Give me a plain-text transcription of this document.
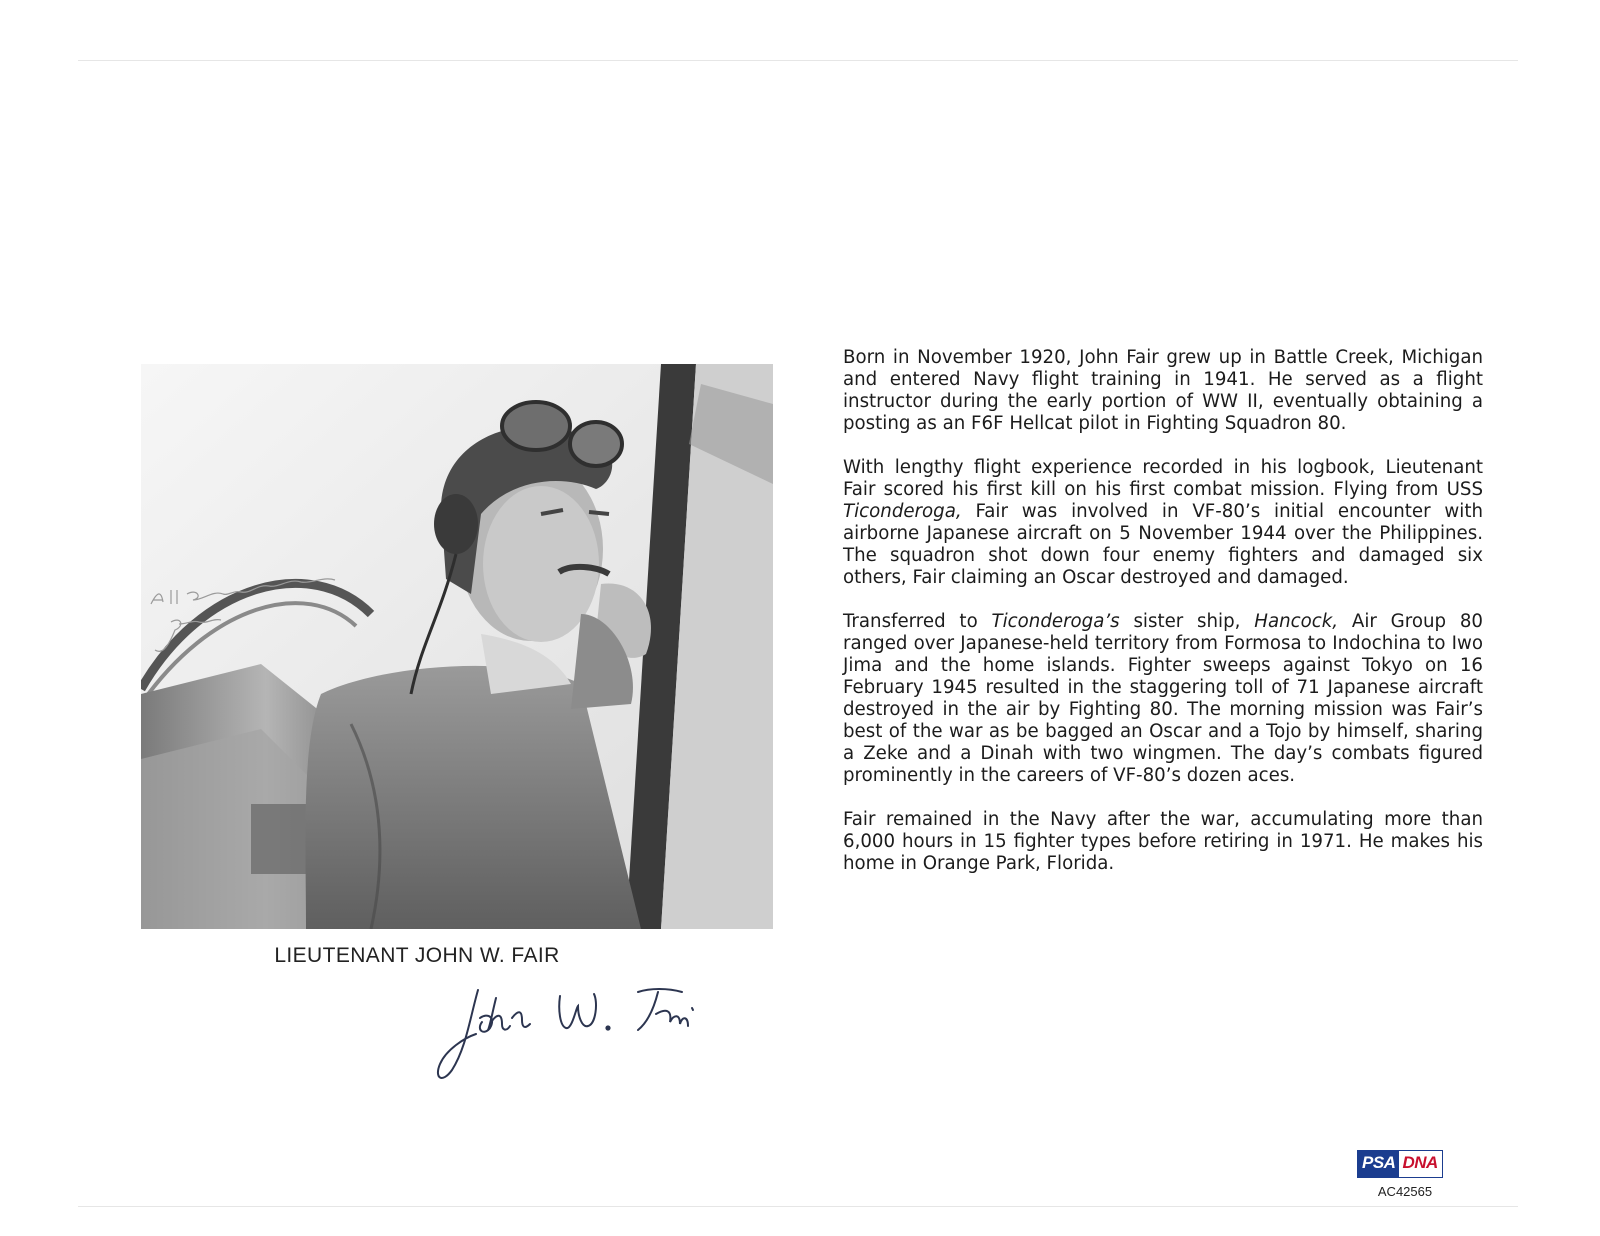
LIEUTENANT JOHN W. FAIR

Born in November 1920, John Fair grew up in Battle Creek, Michigan and entered Navy flight training in 1941. He served as a flight instructor during the early portion of WW II, eventually obtaining a posting as an F6F Hellcat pilot in Fighting Squadron 80.

With lengthy flight experience recorded in his logbook, Lieutenant Fair scored his first kill on his first combat mission. Flying from USS Ticonderoga, Fair was involved in VF-80’s initial encounter with airborne Japanese aircraft on 5 November 1944 over the Philippines. The squadron shot down four enemy fighters and damaged six others, Fair claiming an Oscar destroyed and damaged.

Transferred to Ticonderoga’s sister ship, Hancock, Air Group 80 ranged over Japanese-held territory from Formosa to Indochina to Iwo Jima and the home islands. Fighter sweeps against Tokyo on 16 February 1945 resulted in the staggering toll of 71 Japanese aircraft destroyed in the air by Fighting 80. The morning mission was Fair’s best of the war as be bagged an Oscar and a Tojo by himself, sharing a Zeke and a Dinah with two wingmen. The day’s combats figured prominently in the careers of VF-80’s dozen aces.

Fair remained in the Navy after the war, accumulating more than 6,000 hours in 15 fighter types before retiring in 1971. He makes his home in Orange Park, Florida.

PSA DNA
AC42565
